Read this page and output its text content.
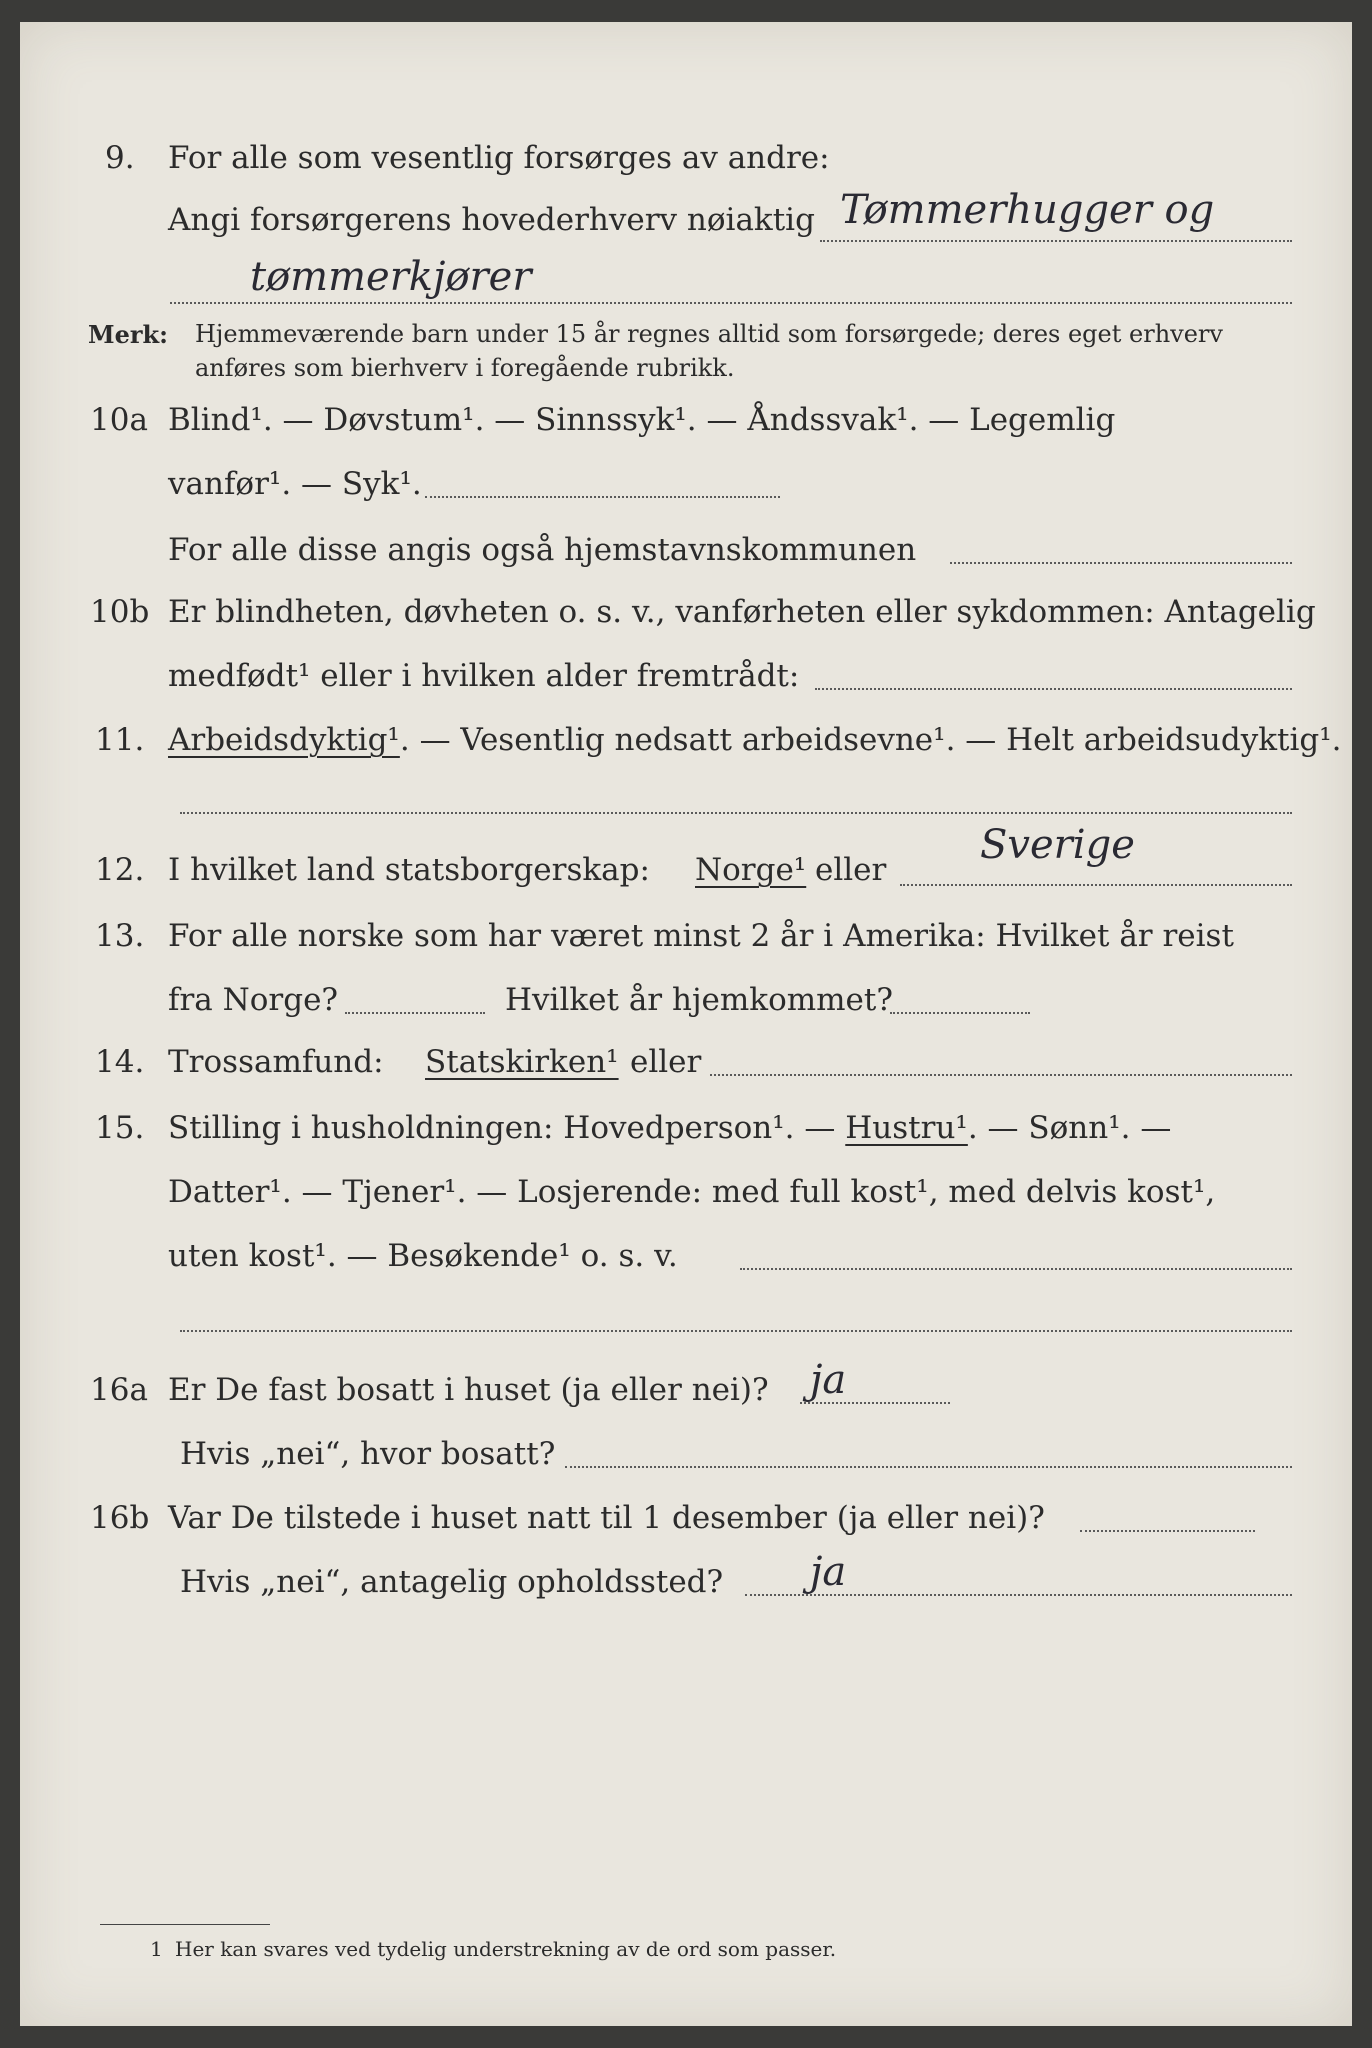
9. For alle som vesentlig forsørges av andre:
Angi forsørgerens hovederhverv nøiaktig Tømmerhugger og
tømmerkjører
Merk: Hjemmeværende barn under 15 år regnes alltid som forsørgede; deres eget erhverv
anføres som bierhverv i foregående rubrikk.
10a Blind¹. — Døvstum¹. — Sinnssyk¹. — Åndssvak¹. — Legemlig
vanfør¹. — Syk¹.
For alle disse angis også hjemstavnskommunen
10b Er blindheten, døvheten o. s. v., vanførheten eller sykdommen: Antagelig
medfødt¹ eller i hvilken alder fremtrådt:
11. Arbeidsdyktig¹. — Vesentlig nedsatt arbeidsevne¹. — Helt arbeidsudyktig¹.
12. I hvilket land statsborgerskap: Norge¹ eller
Sverige
13. For alle norske som har været minst 2 år i Amerika: Hvilket år reist
fra Norge?	Hvilket år hjemkommet?
14. Trossamfund: Statskirken¹ eller
15. Stilling i husholdningen: Hovedperson¹. — Hustru¹. — Sønn¹. —
Datter¹. — Tjener¹. — Losjerende: med full kost¹, med delvis kost¹,
uten kost¹. — Besøkende¹ o. s. v.
16a Er De fast bosatt i huset (ja eller nei)? ja
Hvis „nei“, hvor bosatt?
16b Var De tilstede i huset natt til 1 desember (ja eller nei)?
Hvis „nei“, antagelig opholdssted? ja
1 Her kan svares ved tydelig understrekning av de ord som passer.
